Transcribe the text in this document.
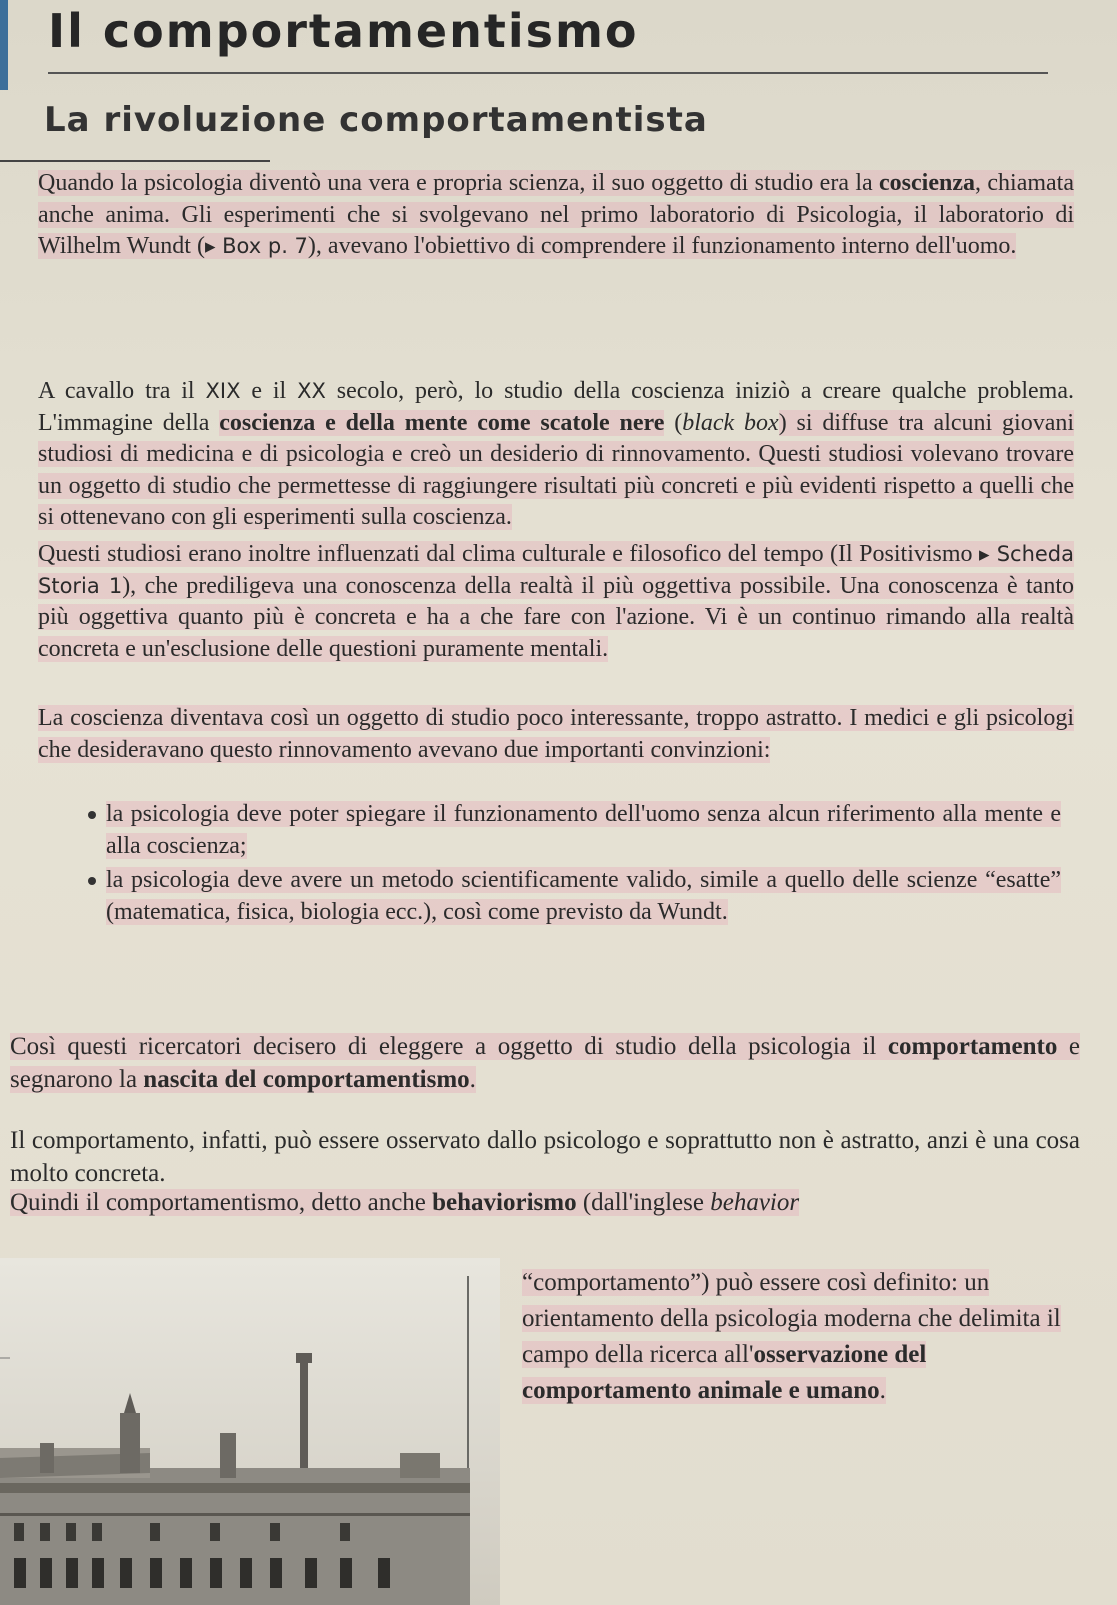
Il comportamentismo
La rivoluzione comportamentista

Quando la psicologia diventò una vera e propria scienza, il suo oggetto di studio era la coscienza, chiamata anche anima. Gli esperimenti che si svolgevano nel primo laboratorio di Psicologia, il laboratorio di Wilhelm Wundt (▸ Box p. 7), avevano l'obiettivo di comprendere il funzionamento interno dell'uomo.

A cavallo tra il XIX e il XX secolo, però, lo studio della coscienza iniziò a creare qualche problema. L'immagine della coscienza e della mente come scatole nere (black box) si diffuse tra alcuni giovani studiosi di medicina e di psicologia e creò un desiderio di rinnovamento. Questi studiosi volevano trovare un oggetto di studio che permettesse di raggiungere risultati più concreti e più evidenti rispetto a quelli che si ottenevano con gli esperimenti sulla coscienza.

Questi studiosi erano inoltre influenzati dal clima culturale e filosofico del tempo (Il Positivismo ▸ Scheda Storia 1), che prediligeva una conoscenza della realtà il più oggettiva possibile. Una conoscenza è tanto più oggettiva quanto più è concreta e ha a che fare con l'azione. Vi è un continuo rimando alla realtà concreta e un'esclusione delle questioni puramente mentali.

La coscienza diventava così un oggetto di studio poco interessante, troppo astratto. I medici e gli psicologi che desideravano questo rinnovamento avevano due importanti convinzioni:

la psicologia deve poter spiegare il funzionamento dell'uomo senza alcun riferimento alla mente e alla coscienza;
la psicologia deve avere un metodo scientificamente valido, simile a quello delle scienze “esatte” (matematica, fisica, biologia ecc.), così come previsto da Wundt.

Così questi ricercatori decisero di eleggere a oggetto di studio della psicologia il comportamento e segnarono la nascita del comportamentismo.

Il comportamento, infatti, può essere osservato dallo psicologo e soprattutto non è astratto, anzi è una cosa molto concreta.

Quindi il comportamentismo, detto anche behaviorismo (dall'inglese behavior

“comportamento”) può essere così definito: un orientamento della psicologia moderna che delimita il campo della ricerca all'osservazione del comportamento animale e umano.
